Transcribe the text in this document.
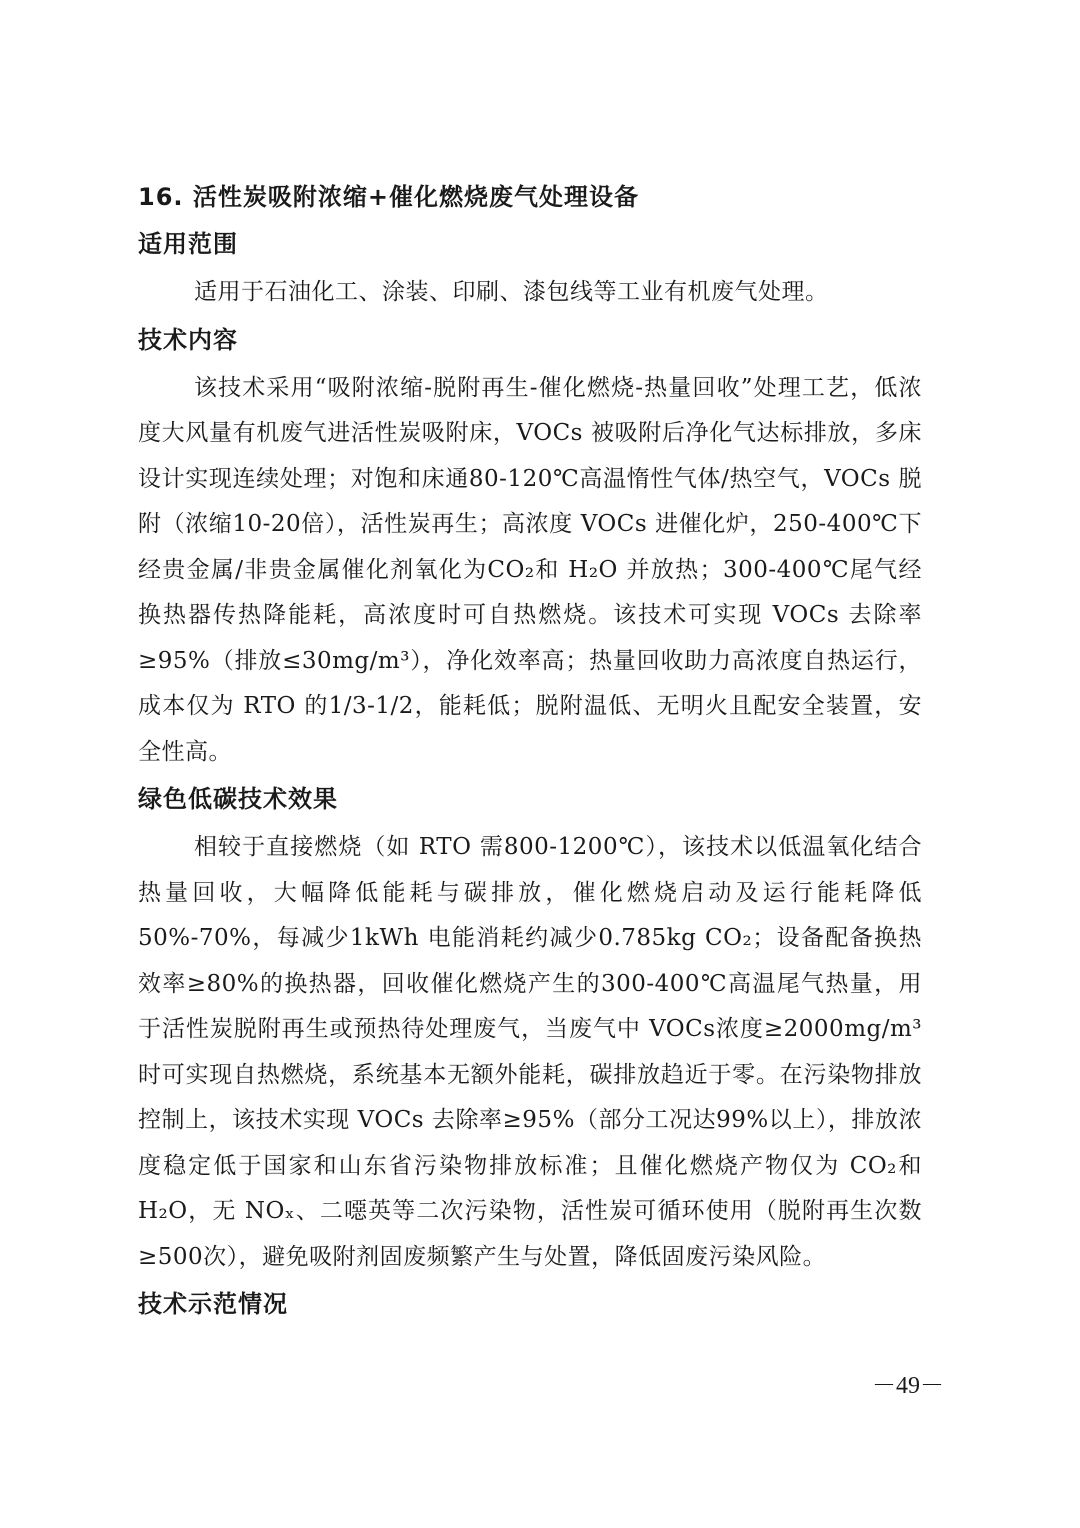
16. 活性炭吸附浓缩+催化燃烧废气处理设备
适用范围

适用于石油化工、涂装、印刷、漆包线等工业有机废气处理。

技术内容

该技术采用“吸附浓缩-脱附再生-催化燃烧-热量回收”处理工艺，低浓度大风量有机废气进活性炭吸附床，VOCs 被吸附后净化气达标排放，多床设计实现连续处理；对饱和床通80-120℃高温惰性气体/热空气，VOCs 脱附（浓缩10-20倍），活性炭再生；高浓度 VOCs 进催化炉，250-400℃下经贵金属/非贵金属催化剂氧化为CO₂和 H₂O 并放热；300-400℃尾气经换热器传热降能耗，高浓度时可自热燃烧。该技术可实现 VOCs 去除率≥95%（排放≤30mg/m³），净化效率高；热量回收助力高浓度自热运行，成本仅为 RTO 的1/3-1/2，能耗低；脱附温低、无明火且配安全装置，安全性高。

绿色低碳技术效果

相较于直接燃烧（如 RTO 需800-1200℃），该技术以低温氧化结合热量回收，大幅降低能耗与碳排放，催化燃烧启动及运行能耗降低50%-70%，每减少1kWh 电能消耗约减少0.785kg CO₂；设备配备换热效率≥80%的换热器，回收催化燃烧产生的300-400℃高温尾气热量，用于活性炭脱附再生或预热待处理废气，当废气中 VOCs浓度≥2000mg/m³时可实现自热燃烧，系统基本无额外能耗，碳排放趋近于零。在污染物排放控制上，该技术实现 VOCs 去除率≥95%（部分工况达99%以上），排放浓度稳定低于国家和山东省污染物排放标准；且催化燃烧产物仅为 CO₂和 H₂O，无 NOₓ、二噁英等二次污染物，活性炭可循环使用（脱附再生次数≥500次），避免吸附剂固废频繁产生与处置，降低固废污染风险。

技术示范情况
－49－
